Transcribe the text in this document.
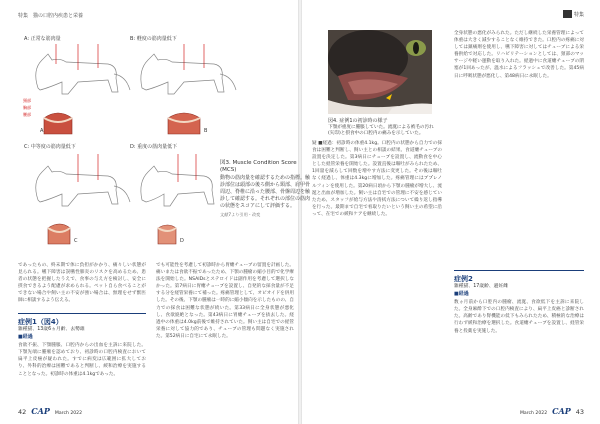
特集　猫の口腔内疾患と栄養	特集
A: 正常な筋肉量
頸部
胸部
腰部
A
B: 軽度の筋肉量低下
B
C: 中等度の筋肉量低下
C
D: 重度の筋肉量低下
D
図3. Muscle Condition Score (MCS)
動物の筋肉量を確認するための指標。触診部位は頭部の後ろ側から頸部、肩甲骨周辺、脊椎に沿った腰部、骨盤周辺を触診して確認する。それぞれの部位の筋肉の状態をスコアにして評価する。
文献7より引用・改変

であったもの、終末期で体に負担がかかり、痛々しい状態が見られる。嚥下障害は誤嚥性肺炎のリスクを高めるため、患者の状態を把握したうえで、食事の与え方を検討し、安全に摂食できるよう配慮が求められる。ペット自ら食べることができない場合や飼い主の不安が強い場合は、無理をせず獣医師に相談するよう伝える。

症例1（図4）

雑種猫、13歳6ヵ月齢、去勢雄

■経過

食欲不振、下顎腫脹、口腔内からの出血を主訴に来院した。下顎先端に腫瘤を認めており、初診時の口腔内検査において扁平上皮癌が疑われた。すでに病変は広範囲に拡大しており、外科的治療は困難であると判断し、緩和治療を実施することとなった。初診時の体重は4.1kgであった。

でも可能性を考慮して初診時から胃瘻チューブの留置を計画した。痛いまたは食欲不振であったため、下顎の腫瘤の縮小目的で化学療法を開始した。NSAIDsとステロイドは副作用を考慮して選択しなかった。第7病日に胃瘻チューブを設置し、自発的な採食量が不足する分を経管栄養にて補った。疼痛管理として、オピオイドを併用した。その後、下顎の腫瘤は一時的に縮小傾向を示したものの、自力での採食は困難な状態が続いた。第33病日に全身状態が悪化し、食欲廃絶となった。第43病日に胃瘻チューブを抜去した。経過中の体重は4.0kg前後で維持されていた。飼い主は自宅での経管栄養に対して協力的であり、チューブの管理も問題なく実施された。第52病日に自宅にて永眠した。

図4. 症例1の初診時の様子
下顎が重度に腫脹していた。流涎による被毛の汚れ(矢印)と摂食中の口腔内の痛みを示していた。

疑 ■経過：初診時の体重4.1kg。口腔内の状態から自力での採食は困難と判断し、飼い主との相談の結果、食道瘻チューブの設置を決定した。第3病日にチューブを設置し、流動食を中心とした経管栄養を開始した。設置直後は嘔吐がみられたため、1回量を減らして回数を増やす方法に変更した。その後は嘔吐なく経過し、体重は4.3kgに増加した。疼痛管理にはブプレノルフィンを使用した。第20病日頃から下顎の腫瘤が増大し、流涎と出血が増加した。飼い主は自宅での管理に不安を感じていたため、スタッフが給与方法や清拭方法について繰り返し指導を行った。最期まで自宅で看取りたいという飼い主の希望に沿って、在宅での緩和ケアを継続した。

全身状態の悪化がみられた。ただし継続した栄養管理によって体重は大きく減少することなく維持できた。口腔内の疼痛に対しては鎮痛剤を使用し、嚥下障害に対してはチューブによる栄養供給で対応した。リハビリテーションとしては、頸部のマッサージや軽い運動を取り入れた。経過中に食道瘻チューブの閉塞が1回あったが、温水によるフラッシュで改善した。第45病日に呼吸状態が悪化し、第48病日に永眠した。

症例2

雑種猫、17歳齢、避妊雌

■経過

数ヵ月前から口腔内の腫瘤、流涎、食欲低下を主訴に来院した。全身麻酔下での口腔内検査により、扁平上皮癌と診断された。高齢であり腎機能の低下もみられたため、積極的な治療は行わず緩和治療を選択した。食道瘻チューブを設置し、経管栄養と投薬を実施した。

42 CAP March 2022	March 2022 CAP 43
